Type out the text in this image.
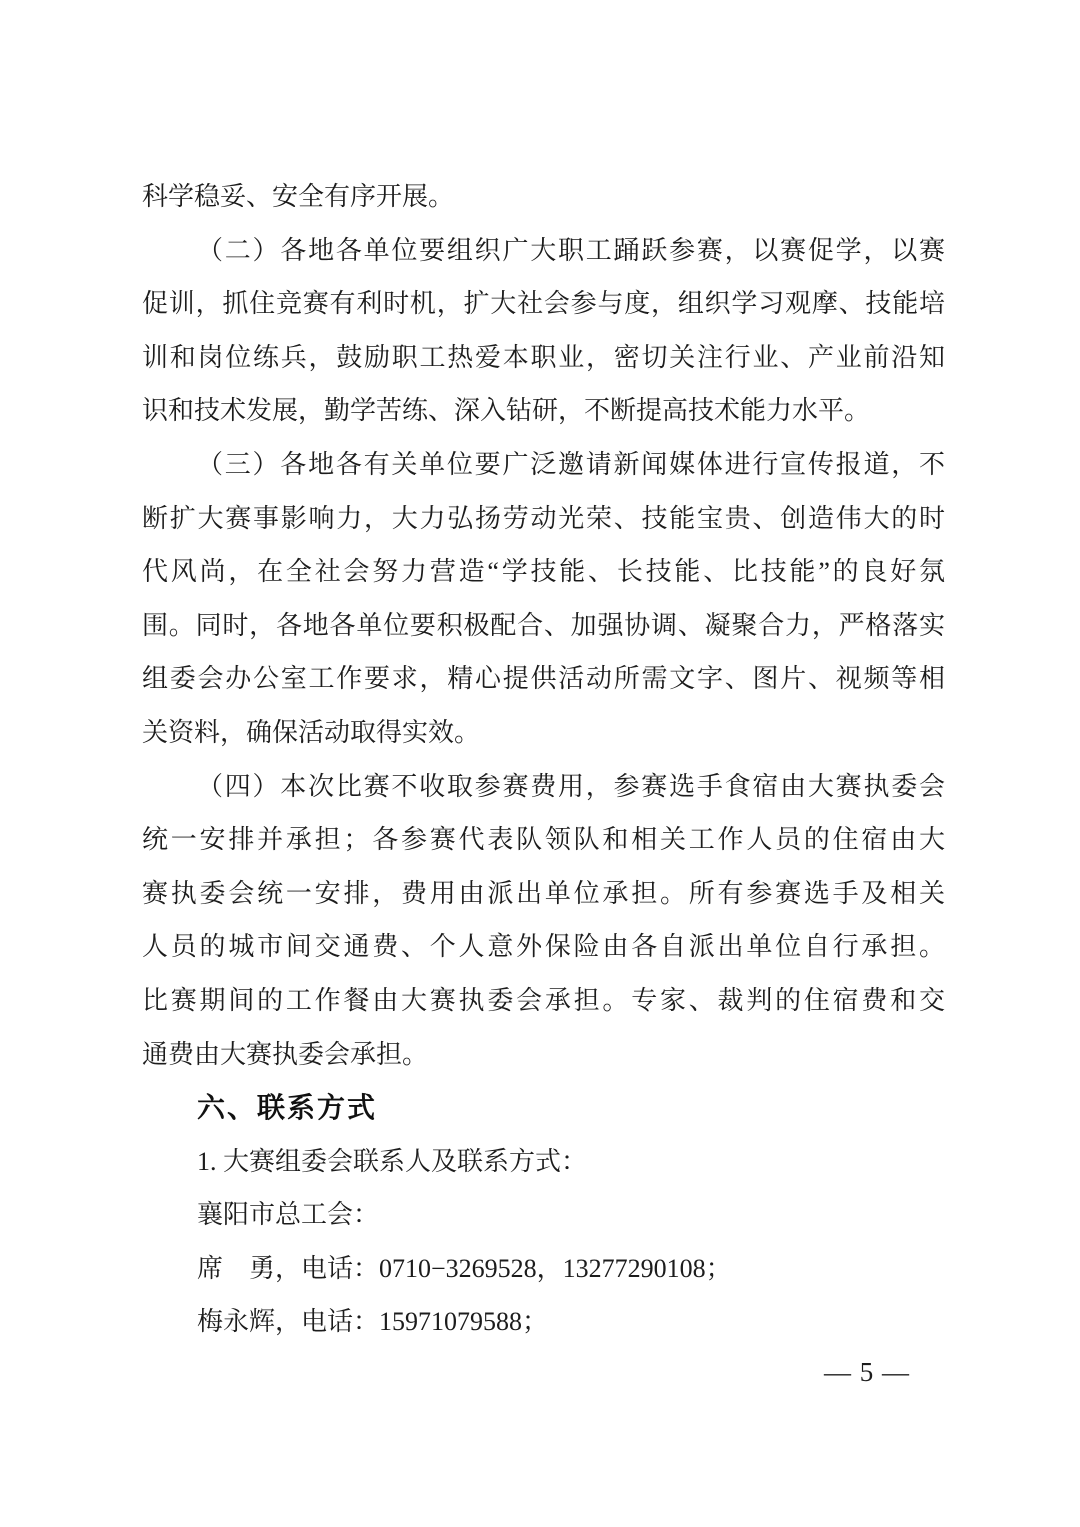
科学稳妥、安全有序开展。
（二）各地各单位要组织广大职工踊跃参赛，以赛促学，以赛
促训，抓住竞赛有利时机，扩大社会参与度，组织学习观摩、技能培
训和岗位练兵，鼓励职工热爱本职业，密切关注行业、产业前沿知
识和技术发展，勤学苦练、深入钻研，不断提高技术能力水平。
（三）各地各有关单位要广泛邀请新闻媒体进行宣传报道，不
断扩大赛事影响力，大力弘扬劳动光荣、技能宝贵、创造伟大的时
代风尚，在全社会努力营造“学技能、长技能、比技能”的良好氛
围。同时，各地各单位要积极配合、加强协调、凝聚合力，严格落实
组委会办公室工作要求，精心提供活动所需文字、图片、视频等相
关资料，确保活动取得实效。
（四）本次比赛不收取参赛费用，参赛选手食宿由大赛执委会
统一安排并承担；各参赛代表队领队和相关工作人员的住宿由大
赛执委会统一安排，费用由派出单位承担。所有参赛选手及相关
人员的城市间交通费、个人意外保险由各自派出单位自行承担。
比赛期间的工作餐由大赛执委会承担。专家、裁判的住宿费和交
通费由大赛执委会承担。
六、联系方式
1. 大赛组委会联系人及联系方式：
襄阳市总工会：
席　勇，电话：0710−3269528，13277290108；
梅永辉，电话：15971079588；
— 5 —
